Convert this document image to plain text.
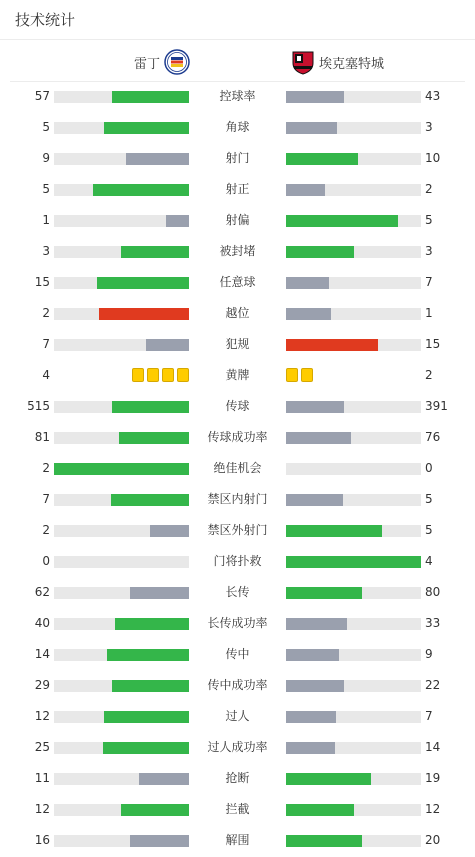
技术统计
雷丁	埃克塞特城
57	控球率	43
5	角球	3
9	射门	10
5	射正	2
1	射偏	5
3	被封堵	3
15	任意球	7
2	越位	1
7	犯规	15
4	黄牌	2
515	传球	391
81	传球成功率	76
2	绝佳机会	0
7	禁区内射门	5
2	禁区外射门	5
0	门将扑救	4
62	长传	80
40	长传成功率	33
14	传中	9
29	传中成功率	22
12	过人	7
25	过人成功率	14
11	抢断	19
12	拦截	12
16	解围	20
